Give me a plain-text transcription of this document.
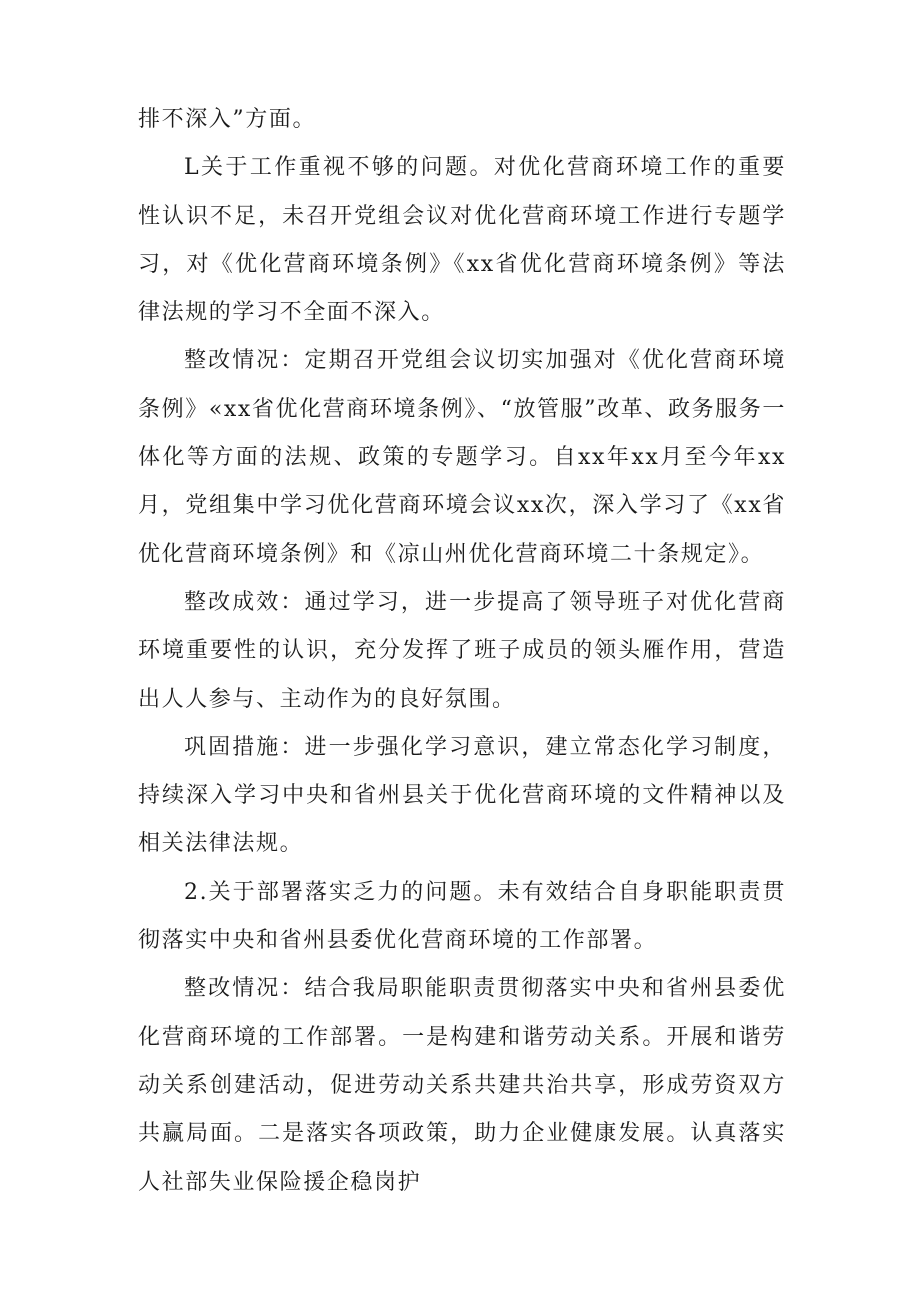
排不深入”方面。

L关于工作重视不够的问题。对优化营商环境工作的重要性认识不足，未召开党组会议对优化营商环境工作进行专题学习，对《优化营商环境条例》《xx省优化营商环境条例》等法律法规的学习不全面不深入。

整改情况：定期召开党组会议切实加强对《优化营商环境条例》«xx省优化营商环境条例》、“放管服”改革、政务服务一体化等方面的法规、政策的专题学习。自xx年xx月至今年xx月，党组集中学习优化营商环境会议xx次，深入学习了《xx省优化营商环境条例》和《凉山州优化营商环境二十条规定》。

整改成效：通过学习，进一步提高了领导班子对优化营商环境重要性的认识，充分发挥了班子成员的领头雁作用，营造出人人参与、主动作为的良好氛围。

巩固措施：进一步强化学习意识，建立常态化学习制度，持续深入学习中央和省州县关于优化营商环境的文件精神以及相关法律法规。

2.关于部署落实乏力的问题。未有效结合自身职能职责贯彻落实中央和省州县委优化营商环境的工作部署。

整改情况：结合我局职能职责贯彻落实中央和省州县委优化营商环境的工作部署。一是构建和谐劳动关系。开展和谐劳动关系创建活动，促进劳动关系共建共治共享，形成劳资双方共赢局面。二是落实各项政策，助力企业健康发展。认真落实人社部失业保险援企稳岗护
